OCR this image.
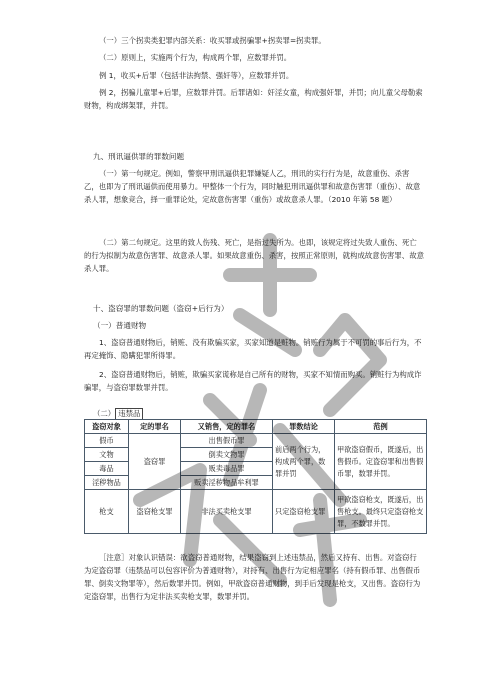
（一）三个拐卖类犯罪内部关系：收买罪或拐骗罪+拐卖罪=拐卖罪。

（二）原则上，实施两个行为，构成两个罪，应数罪并罚。

例 1，收买+后罪（包括非法拘禁、强奸等），应数罪并罚。

例 2，拐骗儿童罪+后罪，应数罪并罚。后罪诸如：奸淫女童，构成强奸罪，并罚；向儿童父母勒索财物，构成绑架罪，并罚。

九、刑讯逼供罪的罪数问题

（一）第一句规定。例如，警察甲刑讯逼供犯罪嫌疑人乙，刑讯的实行行为是，故意重伤、杀害乙，也即为了刑讯逼供而使用暴力。甲整体一个行为，同时触犯刑讯逼供罪和故意伤害罪（重伤）、故意杀人罪，想象竞合，择一重罪论处，定故意伤害罪（重伤）或故意杀人罪。（2010 年第 58 题）

（二）第二句规定。这里的致人伤残、死亡，是指过失所为。也即，该规定将过失致人重伤、死亡的行为拟制为故意伤害罪、故意杀人罪。如果故意重伤、杀害，按照正常原则，就构成故意伤害罪、故意杀人罪。

十、盗窃罪的罪数问题（盗窃+后行为）

（一）普通财物

1、盗窃普通财物后，销赃、没有欺骗买家，买家知道是赃物。销赃行为属于不可罚的事后行为，不再定掩饰、隐瞒犯罪所得罪。

2、盗窃普通财物后，销赃，欺骗买家谎称是自己所有的财物，买家不知情而购买。销赃行为构成诈骗罪，与盗窃罪数罪并罚。

（二） 违禁品
盗窃对象	定的罪名	又销售，定的罪名	罪数结论	范例
假币	盗窃罪	出售假币罪	前后两个行为，构成两个罪，数罪并罚	甲欲盗窃假币，既遂后，出售假币。定盗窃罪和出售假币罪，数罪并罚。
文物		倒卖文物罪		
毒品		贩卖毒品罪		
淫秽物品		贩卖淫秽物品牟利罪		
枪支	盗窃枪支罪	非法买卖枪支罪	只定盗窃枪支罪	甲欲盗窃枪支，既遂后，出售枪支。最终只定盗窃枪支罪，不数罪并罚。

［注意］对象认识错误：欲盗窃普通财物，结果盗窃到上述违禁品，然后又持有、出售。对盗窃行为定盗窃罪（违禁品可以包容评价为普通财物），对持有、出售行为定相应罪名（持有假币罪、出售假币罪、倒卖文物罪等），然后数罪并罚。例如，甲欲盗窃普通财物，到手后发现是枪支，又出售。盗窃行为定盗窃罪，出售行为定非法买卖枪支罪，数罪并罚。
